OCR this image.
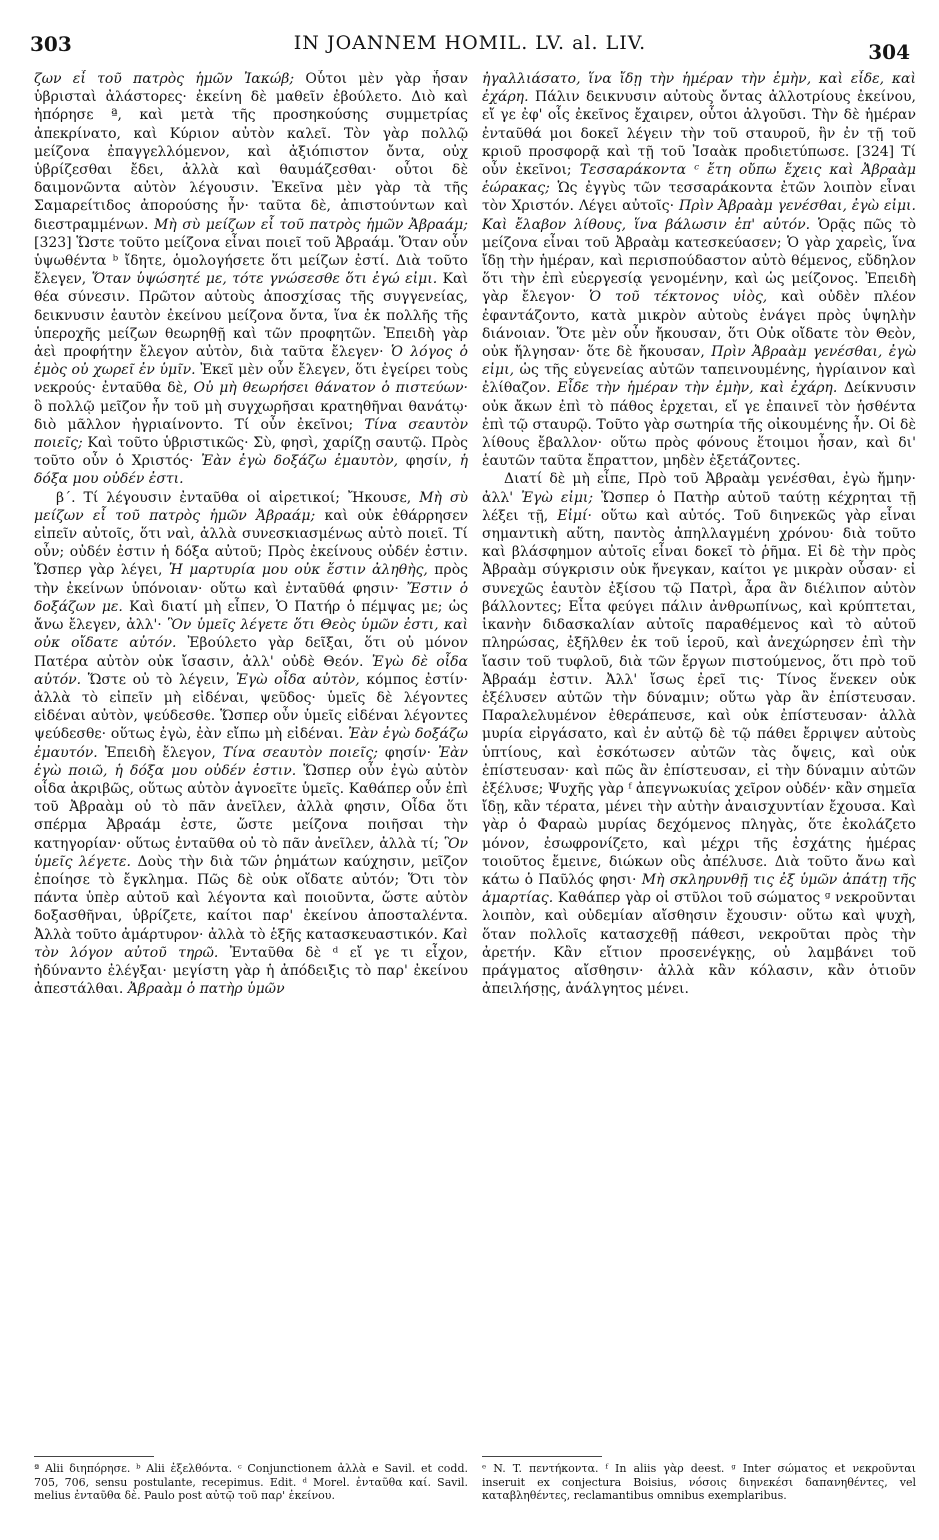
303	IN JOANNEM HOMIL. LV. al. LIV.	304

ζων εἶ τοῦ πατρὸς ἡμῶν Ἰακώβ; Οὗτοι μὲν γὰρ ἦσαν ὑβρισταὶ ἀλάστορες· ἐκείνη δὲ μαθεῖν ἐβούλετο. Διὸ καὶ ἠπόρησε ª, καὶ μετὰ τῆς προσηκούσης συμμετρίας ἀπεκρίνατο, καὶ Κύριον αὐτὸν καλεῖ. Τὸν γὰρ πολλῷ μείζονα ἐπαγγελλόμενον, καὶ ἀξιόπιστον ὄντα, οὐχ ὑβρίζεσθαι ἔδει, ἀλλὰ καὶ θαυμάζεσθαι· οὗτοι δὲ δαιμονῶντα αὐτὸν λέγουσιν. Ἐκεῖνα μὲν γὰρ τὰ τῆς Σαμαρείτιδος ἀπορούσης ἦν· ταῦτα δὲ, ἀπιστούντων καὶ διεστραμμένων. Μὴ σὺ μείζων εἶ τοῦ πατρὸς ἡμῶν Ἀβραάμ; [323] Ὥστε τοῦτο μείζονα εἶναι ποιεῖ τοῦ Ἀβραάμ. Ὅταν οὖν ὑψωθέντα ᵇ ἴδητε, ὁμολογήσετε ὅτι μείζων ἐστί. Διὰ τοῦτο ἔλεγεν, Ὅταν ὑψώσητέ με, τότε γνώσεσθε ὅτι ἐγώ εἰμι. Καὶ θέα σύνεσιν. Πρῶτον αὐτοὺς ἀποσχίσας τῆς συγγενείας, δεικνυσιν ἑαυτὸν ἐκείνου μείζονα ὄντα, ἵνα ἐκ πολλῆς τῆς ὑπεροχῆς μείζων θεωρηθῇ καὶ τῶν προφητῶν. Ἐπειδὴ γὰρ ἀεὶ προφήτην ἔλεγον αὐτὸν, διὰ ταῦτα ἔλεγεν· Ὁ λόγος ὁ ἐμὸς οὐ χωρεῖ ἐν ὑμῖν. Ἐκεῖ μὲν οὖν ἔλεγεν, ὅτι ἐγείρει τοὺς νεκρούς· ἐνταῦθα δὲ, Οὐ μὴ θεωρήσει θάνατον ὁ πιστεύων· ὃ πολλῷ μεῖζον ἦν τοῦ μὴ συγχωρῆσαι κρατηθῆναι θανάτῳ· διὸ μᾶλλον ἠγριαίνοντο. Τί οὖν ἐκεῖνοι; Τίνα σεαυτὸν ποιεῖς; Καὶ τοῦτο ὑβριστικῶς· Σὺ, φησὶ, χαρίζῃ σαυτῷ. Πρὸς τοῦτο οὖν ὁ Χριστός· Ἐὰν ἐγὼ δοξάζω ἐμαυτὸν, φησίν, ἡ δόξα μου οὐδέν ἐστι.

β΄. Τί λέγουσιν ἐνταῦθα οἱ αἱρετικοί; Ἤκουσε, Μὴ σὺ μείζων εἶ τοῦ πατρὸς ἡμῶν Ἀβραάμ; καὶ οὐκ ἐθάρρησεν εἰπεῖν αὐτοῖς, ὅτι ναὶ, ἀλλὰ συνεσκιασμένως αὐτὸ ποιεῖ. Τί οὖν; οὐδέν ἐστιν ἡ δόξα αὐτοῦ; Πρὸς ἐκείνους οὐδέν ἐστιν. Ὥσπερ γὰρ λέγει, Ἡ μαρτυρία μου οὐκ ἔστιν ἀληθὴς, πρὸς τὴν ἐκείνων ὑπόνοιαν· οὕτω καὶ ἐνταῦθά φησιν· Ἔστιν ὁ δοξάζων με. Καὶ διατί μὴ εἶπεν, Ὁ Πατήρ ὁ πέμψας με; ὡς ἄνω ἔλεγεν, ἀλλ'· Ὃν ὑμεῖς λέγετε ὅτι Θεὸς ὑμῶν ἐστι, καὶ οὐκ οἴδατε αὐτόν. Ἐβούλετο γὰρ δεῖξαι, ὅτι οὐ μόνον Πατέρα αὐτὸν οὐκ ἴσασιν, ἀλλ' οὐδὲ Θεόν. Ἐγὼ δὲ οἶδα αὐτόν. Ὥστε οὐ τὸ λέγειν, Ἐγὼ οἶδα αὐτὸν, κόμπος ἐστίν· ἀλλὰ τὸ εἰπεῖν μὴ εἰδέναι, ψεῦδος· ὑμεῖς δὲ λέγοντες εἰδέναι αὐτὸν, ψεύδεσθε. Ὥσπερ οὖν ὑμεῖς εἰδέναι λέγοντες ψεύδεσθε· οὕτως ἐγὼ, ἐὰν εἴπω μὴ εἰδέναι. Ἐὰν ἐγὼ δοξάζω ἐμαυτόν. Ἐπειδὴ ἔλεγον, Τίνα σεαυτὸν ποιεῖς; φησίν· Ἐὰν ἐγὼ ποιῶ, ἡ δόξα μου οὐδέν ἐστιν. Ὥσπερ οὖν ἐγὼ αὐτὸν οἶδα ἀκριβῶς, οὕτως αὐτὸν ἀγνοεῖτε ὑμεῖς. Καθάπερ οὖν ἐπὶ τοῦ Ἀβραὰμ οὐ τὸ πᾶν ἀνεῖλεν, ἀλλὰ φησιν, Οἶδα ὅτι σπέρμα Ἀβραάμ ἐστε, ὥστε μείζονα ποιῆσαι τὴν κατηγορίαν· οὕτως ἐνταῦθα οὐ τὸ πᾶν ἀνεῖλεν, ἀλλὰ τί; Ὃν ὑμεῖς λέγετε. Δοὺς τὴν διὰ τῶν ῥημάτων καύχησιν, μεῖζον ἐποίησε τὸ ἔγκλημα. Πῶς δὲ οὐκ οἴδατε αὐτόν; Ὅτι τὸν πάντα ὑπὲρ αὐτοῦ καὶ λέγοντα καὶ ποιοῦντα, ὥστε αὐτὸν δοξασθῆναι, ὑβρίζετε, καίτοι παρ' ἐκείνου ἀποσταλέντα. Ἀλλὰ τοῦτο ἀμάρτυρον· ἀλλὰ τὸ ἑξῆς κατασκευαστικόν. Καὶ τὸν λόγον αὐτοῦ τηρῶ. Ἐνταῦθα δὲ ᵈ εἴ γε τι εἶχον, ἠδύναντο ἐλέγξαι· μεγίστη γὰρ ἡ ἀπόδειξις τὸ παρ' ἐκείνου ἀπεστάλθαι. Ἀβραὰμ ὁ πατὴρ ὑμῶν

ἠγαλλιάσατο, ἵνα ἴδῃ τὴν ἡμέραν τὴν ἐμὴν, καὶ εἶδε, καὶ ἐχάρη. Πάλιν δεικνυσιν αὐτοὺς ὄντας ἀλλοτρίους ἐκείνου, εἴ γε ἐφ' οἷς ἐκεῖνος ἔχαιρεν, οὗτοι ἀλγοῦσι. Τὴν δὲ ἡμέραν ἐνταῦθά μοι δοκεῖ λέγειν τὴν τοῦ σταυροῦ, ἣν ἐν τῇ τοῦ κριοῦ προσφορᾷ καὶ τῇ τοῦ Ἰσαὰκ προδιετύπωσε. [324] Τί οὖν ἐκεῖνοι; Τεσσαράκοντα ᶜ ἔτη οὔπω ἔχεις καὶ Ἀβραὰμ ἑώρακας; Ὡς ἐγγὺς τῶν τεσσαράκοντα ἐτῶν λοιπὸν εἶναι τὸν Χριστόν. Λέγει αὐτοῖς· Πρὶν Ἀβραὰμ γενέσθαι, ἐγὼ εἰμι. Καὶ ἔλαβον λίθους, ἵνα βάλωσιν ἐπ' αὐτόν. Ὁρᾷς πῶς τὸ μείζονα εἶναι τοῦ Ἀβραὰμ κατεσκεύασεν; Ὁ γὰρ χαρεὶς, ἵνα ἴδῃ τὴν ἡμέραν, καὶ περισπούδαστον αὐτὸ θέμενος, εὔδηλον ὅτι τὴν ἐπὶ εὐεργεσίᾳ γενομένην, καὶ ὡς μείζονος. Ἐπειδὴ γὰρ ἔλεγον· Ὁ τοῦ τέκτονος υἱὸς, καὶ οὐδὲν πλέον ἐφαντάζοντο, κατὰ μικρὸν αὐτοὺς ἐνάγει πρὸς ὑψηλὴν διάνοιαν. Ὅτε μὲν οὖν ἤκουσαν, ὅτι Οὐκ οἴδατε τὸν Θεὸν, οὐκ ἤλγησαν· ὅτε δὲ ἤκουσαν, Πρὶν Ἀβραὰμ γενέσθαι, ἐγὼ εἰμι, ὡς τῆς εὐγενείας αὐτῶν ταπεινουμένης, ἠγρίαινον καὶ ἐλίθαζον. Εἶδε τὴν ἡμέραν τὴν ἐμὴν, καὶ ἐχάρη. Δείκνυσιν οὐκ ἄκων ἐπὶ τὸ πάθος ἐρχεται, εἴ γε ἐπαινεῖ τὸν ἡσθέντα ἐπὶ τῷ σταυρῷ. Τοῦτο γὰρ σωτηρία τῆς οἰκουμένης ἦν. Οἱ δὲ λίθους ἔβαλλον· οὕτω πρὸς φόνους ἕτοιμοι ἦσαν, καὶ δι' ἑαυτῶν ταῦτα ἔπραττον, μηδὲν ἐξετάζοντες.

Διατί δὲ μὴ εἶπε, Πρὸ τοῦ Ἀβραὰμ γενέσθαι, ἐγὼ ἤμην· ἀλλ' Ἐγὼ εἰμι; Ὥσπερ ὁ Πατὴρ αὐτοῦ ταύτῃ κέχρηται τῇ λέξει τῇ, Εἰμί· οὕτω καὶ αὐτός. Τοῦ διηνεκῶς γὰρ εἶναι σημαντικὴ αὕτη, παντὸς ἀπηλλαγμένη χρόνου· διὰ τοῦτο καὶ βλάσφημον αὐτοῖς εἶναι δοκεῖ τὸ ῥῆμα. Εἰ δὲ τὴν πρὸς Ἀβραὰμ σύγκρισιν οὐκ ἤνεγκαν, καίτοι γε μικρὰν οὖσαν· εἰ συνεχῶς ἑαυτὸν ἐξίσου τῷ Πατρὶ, ἆρα ἂν διέλιπον αὐτὸν βάλλοντες; Εἶτα φεύγει πάλιν ἀνθρωπίνως, καὶ κρύπτεται, ἱκανὴν διδασκαλίαν αὐτοῖς παραθέμενος καὶ τὸ αὐτοῦ πληρώσας, ἐξῆλθεν ἐκ τοῦ ἱεροῦ, καὶ ἀνεχώρησεν ἐπὶ τὴν ἴασιν τοῦ τυφλοῦ, διὰ τῶν ἔργων πιστούμενος, ὅτι πρὸ τοῦ Ἀβραάμ ἐστιν. Ἀλλ' ἴσως ἐρεῖ τις· Τίνος ἕνεκεν οὐκ ἐξέλυσεν αὐτῶν τὴν δύναμιν; οὕτω γὰρ ἂν ἐπίστευσαν. Παραλελυμένον ἐθεράπευσε, καὶ οὐκ ἐπίστευσαν· ἀλλὰ μυρία εἰργάσατο, καὶ ἐν αὐτῷ δὲ τῷ πάθει ἔρριψεν αὐτοὺς ὑπτίους, καὶ ἐσκότωσεν αὐτῶν τὰς ὄψεις, καὶ οὐκ ἐπίστευσαν· καὶ πῶς ἂν ἐπίστευσαν, εἰ τὴν δύναμιν αὐτῶν ἐξέλυσε; Ψυχῆς γὰρ ᶠ ἀπεγνωκυίας χεῖρον οὐδέν· κἂν σημεῖα ἴδῃ, κἂν τέρατα, μένει τὴν αὐτὴν ἀναισχυντίαν ἔχουσα. Καὶ γὰρ ὁ Φαραὼ μυρίας δεχόμενος πληγὰς, ὅτε ἐκολάζετο μόνον, ἐσωφρονίζετο, καὶ μέχρι τῆς ἐσχάτης ἡμέρας τοιοῦτος ἔμεινε, διώκων οὓς ἀπέλυσε. Διὰ τοῦτο ἄνω καὶ κάτω ὁ Παῦλός φησι· Μὴ σκληρυνθῇ τις ἐξ ὑμῶν ἀπάτῃ τῆς ἁμαρτίας. Καθάπερ γὰρ οἱ στῦλοι τοῦ σώματος ᵍ νεκροῦνται λοιπὸν, καὶ οὐδεμίαν αἴσθησιν ἔχουσιν· οὕτω καὶ ψυχὴ, ὅταν πολλοῖς κατασχεθῇ πάθεσι, νεκροῦται πρὸς τὴν ἀρετήν. Κἂν εἴτιον προσενέγκῃς, οὐ λαμβάνει τοῦ πράγματος αἴσθησιν· ἀλλὰ κἂν κόλασιν, κἂν ὁτιοῦν ἀπειλήσῃς, ἀνάλγητος μένει.

ª Alii διηπόρησε. ᵇ Alii ἐξελθόντα. ᶜ Conjunctionem ἀλλὰ e Savil. et codd. 705, 706, sensu postulante, recepimus. Edit. ᵈ Morel. ἐνταῦθα καί. Savil. melius ἐνταῦθα δὲ. Paulo post αὐτῷ τοῦ παρ' ἐκείνου.
ᵉ N. T. πεντήκοντα. ᶠ In aliis γὰρ deest. ᵍ Inter σώματος et νεκροῦνται inseruit ex conjectura Boisius, νόσοις διηνεκέσι δαπανηθέντες, vel καταβληθέντες, reclamantibus omnibus exemplaribus.
